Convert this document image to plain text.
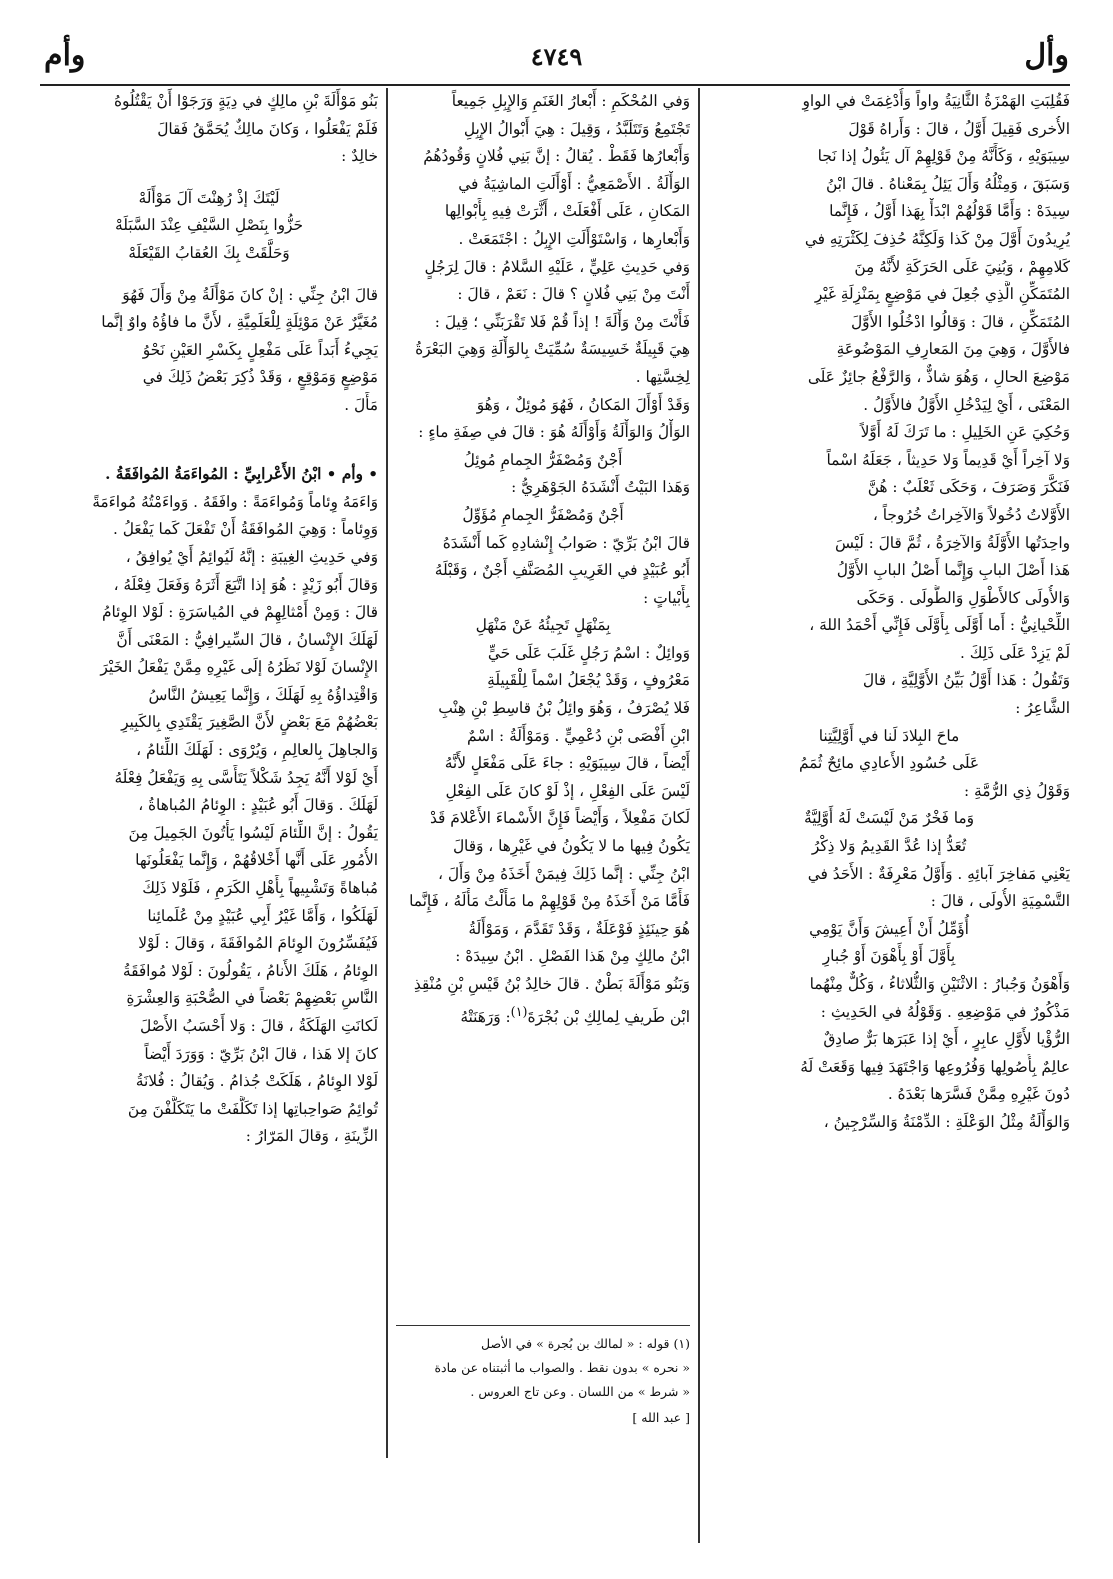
وأل
٤٧٤٩
وأم
فَقُلِبَتِ الهَمْزَةُ الثَّانِيَةُ واواً وَأُدْغِمَتْ في الواوِ
الأُخرى فَقِيلَ أَوَّلُ ، قالَ : وَأَراهُ قَوْلَ
سِيبَوَيْهِ ، وَكَأَنَّهُ مِنْ قَوْلِهِمْ آل يَئُولُ إذا نَجا
وَسَبَقَ ، وَمِثْلُهُ وَأَلَ يَئِلُ بِمَعْناهُ . قالَ ابْنُ
سِيدَهْ : وَأَمَّا قَوْلُهُمْ ابْدَأْ بِهَذا أَوَّلُ ، فَإِنَّما
يُرِيدُونَ أَوَّلَ مِنْ كَذا وَلَكِنَّهُ حُذِفَ لِكَثْرَتِهِ في
كَلامِهِمْ ، وَبُنِيَ عَلَى الحَرَكَةِ لأَنَّهُ مِنَ
المُتَمَكِّنِ الَّذِي جُعِلَ في مَوْضِعٍ بِمَنْزِلَةِ غَيْرِ
المُتَمَكِّنِ ، قالَ : وَقالُوا ادْخُلُوا الأَوَّلَ
فالأَوَّلَ ، وَهِيَ مِنَ المَعارِفِ المَوْضُوعَةِ
مَوْضِعَ الحالِ ، وَهُوَ شاذٌّ ، وَالرَّفْعُ جائِزٌ عَلَى
المَعْنَى ، أَيْ لِيَدْخُلِ الأَوَّلُ فالأَوَّلُ .
وَحُكِيَ عَنِ الخَلِيلِ : ما تَرَكَ لَهُ أَوَّلاً
وَلا آخِراً أَيْ قَدِيماً وَلا حَدِيثاً ، جَعَلَهُ اسْماً
فَنَكَّرَ وَصَرَفَ ، وَحَكَى ثَعْلَبٌ : هُنَّ
الأَوَّلاتُ دُخُولاً وَالآخِراتُ خُرُوجاً ،
واحِدَتُها الأَوَّلَةُ وَالآخِرَةُ ، ثُمَّ قالَ : لَيْسَ
هَذا أَصْلَ البابِ وَإِنَّما أَصْلُ البابِ الأَوَّلُ
وَالأُولَى كالأَطْوَلِ وَالطُّولَى . وَحَكَى
اللِّحْيانِيُّ : أَما أَوَّلَى بِأَوَّلَى فَإِنِّي أَحْمَدُ اللهَ ،
لَمْ يَزِدْ عَلَى ذَلِكَ .
وَتَقُولُ : هَذا أَوَّلُ بَيِّنُ الأَوَّلِيَّةِ ، قالَ
الشَّاعِرُ :
ماحَ البِلادَ لَنا في أَوَّلِيَّتِنا
عَلَى حُسُودِ الأَعادِي مائِحٌ ثُمَمُ
وَقَوْلُ ذِي الرُّمَّةِ :
وَما فَخْرٌ مَنْ لَيْسَتْ لَهُ أَوَّلِيَّةٌ
تُعَدُّ إذا عُدَّ القَدِيمُ وَلا ذِكْرُ
يَعْنِي مَفاخِرَ آبائِهِ . وَأَوَّلُ مَعْرِفَةٌ : الأَحَدُ في
التَّسْمِيَةِ الأُولَى ، قالَ :
أُؤَمِّلُ أَنْ أَعِيشَ وَأَنَّ يَوْمِي
بِأَوَّلَ أَوْ بِأَهْوَنَ أَوْ جُبارِ
وَأَهْوَنُ وَجُبارُ : الاثْنَيْنِ وَالثُّلاثاءُ ، وَكُلٌّ مِنْهُما
مَذْكُورٌ في مَوْضِعِهِ . وَقَوْلُهُ في الحَدِيثِ :
الرُّؤْيا لأَوَّلِ عابِرٍ ، أَيْ إذا عَبَرَها بَرٌّ صادِقٌ
عالِمٌ بِأُصُولِها وَفُرُوعِها وَاجْتَهَدَ فِيها وَقَعَتْ لَهُ
دُونَ غَيْرِهِ مِمَّنْ فَسَّرَها بَعْدَهُ .
وَالوَأْلَةُ مِثْلُ الوَعْلَةِ : الدِّمْنَةُ وَالسِّرْجِينُ ،
وَفي المُحْكَمِ : أَبْعارُ الغَنَمِ وَالإِبِلِ جَمِيعاً
تَجْتَمِعُ وَتَتَلَبَّدُ ، وَقِيلَ : هِيَ أَبْوالُ الإِبِلِ
وَأَبْعارُها فَقَطْ . يُقالُ : إنَّ بَنِي فُلانٍ وَقُودُهُمُ
الوَأْلَةُ . الأَصْمَعِيُّ : أَوْأَلَتِ الماشِيَةُ في
المَكانِ ، عَلَى أَفْعَلَتْ ، أَثَّرَتْ فِيهِ بِأَبْوالِها
وَأَبْعارِها ، وَاسْتَوْأَلَتِ الإِبِلُ : اجْتَمَعَتْ .
وَفي حَدِيثِ عَلِيٍّ ، عَلَيْهِ السَّلامُ : قالَ لِرَجُلٍ
أَنْتَ مِنْ بَنِي فُلانٍ ؟ قالَ : نَعَمْ ، قالَ :
فَأَنْتَ مِنْ وَأْلَةَ ! إذاً قُمْ فَلا تَقْرَبَنِّي ؛ قِيلَ :
هِيَ قَبِيلَةٌ خَسِيسَةٌ سُمِّيَتْ بِالوَأْلَةِ وَهِيَ البَعْرَةُ
لِخِسَّتِها .
وَقَدْ أَوْأَلَ المَكانُ ، فَهُوَ مُوئِلٌ ، وَهُوَ
الوَأْلُ وَالوَأْلَةُ وَأَوْأَلَهُ هُوَ : قالَ في صِفَةِ ماءٍ :
أَجْنٌ وَمُصْفَرُّ الجِمامِ مُوئِلُ
وَهَذا البَيْتُ أَنْشَدَهُ الجَوْهَرِيُّ :
أَجْنٌ وَمُصْفَرُّ الجِمامِ مُؤَوِّلُ
قالَ ابْنُ بَرِّيّ : صَوابُ إِنْشادِهِ كَما أَنْشَدَهُ
أَبُو عُبَيْدٍ في الغَرِيبِ المُصَنَّفِ أَجْنٌ ، وَقَبْلَهُ
بِأَبْياتٍ :
بِمَنْهَلٍ تَجِيئُهُ عَنْ مَنْهَلِ
وَوائِلٌ : اسْمُ رَجُلٍ غَلَبَ عَلَى حَيٍّ
مَعْرُوفٍ ، وَقَدْ يُجْعَلُ اسْماً لِلْقَبِيلَةِ
فَلا يُصْرَفُ ، وَهُوَ وائِلُ بْنُ قاسِطِ بْنِ هِنْبِ
ابْنِ أَفْصَى بْنِ دُعْمِيٍّ . وَمَوْأَلَةُ : اسْمٌ
أَيْضاً ، قالَ سِيبَوَيْهِ : جاءَ عَلَى مَفْعَلٍ لأَنَّهُ
لَيْسَ عَلَى الفِعْلِ ، إذْ لَوْ كانَ عَلَى الفِعْلِ
لَكانَ مَفْعِلاً ، وَأَيْضاً فَإِنَّ الأَسْماءَ الأَعْلامَ قَدْ
يَكُونُ فِيها ما لا يَكُونُ في غَيْرِها ، وَقالَ
ابْنُ جِنِّي : إنَّما ذَلِكَ فِيمَنْ أَخَذَهُ مِنْ وَأَلَ ،
فَأَمَّا مَنْ أَخَذَهُ مِنْ قَوْلِهِمْ ما مَأَلْتُ مَأْلَهُ ، فَإِنَّما
هُوَ حِينَئِذٍ فَوْعَلَةٌ ، وَقَدْ تَقَدَّمَ ، وَمَوْأَلَةُ
ابْنُ مالِكٍ مِنْ هَذا الفَصْلِ . ابْنُ سِيدَهْ :
وَبَنُو مَوْأَلَةَ بَطْنٌ . قالَ خالِدُ بْنُ قَيْسِ بْنِ مُنْقِذِ
ابْنِ طَرِيفٍ لِمالِكِ بْنِ بُجْرَةَ$^{(١)}$: وَرَهَنَتْهُ
(١) قوله : « لمالك بن بُجرة » في الأصل
« نحره » بدون نقط . والصواب ما أثبتناه عن مادة
« شرط » من اللسان . وعن تاج العروس .
[ عبد الله ]
بَنُو مَوْأَلَةَ بْنِ مالِكٍ في دِيَةٍ وَرَجَوْا أَنْ يَقْتُلُوهُ
فَلَمْ يَفْعَلُوا ، وَكانَ مالِكٌ يُحَمَّقُ فَقالَ
خالِدٌ :
لَيْتَكَ إذْ رُهِنْتَ آلَ مَوْأَلَهْ
حَزُّوا بِنَصْلِ السَّيْفِ عِنْدَ السَّبَلَهْ
وَحَلَّقَتْ بِكَ العُقابُ القَيْعَلَهْ
قالَ ابْنُ جِنِّي : إنْ كانَ مَوْأَلَةُ مِنْ وَأَلَ فَهُوَ
مُغَيَّرٌ عَنْ مَوْئِلَةٍ لِلْعَلَمِيَّةِ ، لأَنَّ ما فاؤُهُ واوٌ إنَّما
يَجِيءُ أَبَداً عَلَى مَفْعِلٍ بِكَسْرِ العَيْنِ نَحْوُ
مَوْضِعٍ وَمَوْقِعٍ ، وَقَدْ ذُكِرَ بَعْضُ ذَلِكَ في
مَأَلَ .
• وأم • ابْنُ الأَعْرابِيِّ : المُواءَمَةُ المُوافَقَةُ .
وَاءَمَهُ وِئاماً وَمُواءَمَةً : وافَقَهُ . وَواءَمْتُهُ مُواءَمَةً
وَوِئاماً : وَهِيَ المُوافَقَةُ أَنْ تَفْعَلَ كَما يَفْعَلُ .
وَفي حَدِيثِ الغِيبَةِ : إنَّهُ لَيُوائِمُ أَيْ يُوافِقُ ،
وَقالَ أَبُو زَيْدٍ : هُوَ إذا اتَّبَعَ أَثَرَهُ وَفَعَلَ فِعْلَهُ ،
قالَ : وَمِنْ أَمْثالِهِمْ في المُياسَرَةِ : لَوْلا الوِئامُ
لَهَلَكَ الإِنْسانُ ، قالَ السِّيرافِيُّ : المَعْنَى أَنَّ
الإِنْسانَ لَوْلا نَظَرُهُ إلَى غَيْرِهِ مِمَّنْ يَفْعَلُ الخَيْرَ
وَاقْتِداؤُهُ بِهِ لَهَلَكَ ، وَإِنَّما يَعِيشُ النَّاسُ
بَعْضُهُمْ مَعَ بَعْضٍ لأَنَّ الصَّغِيرَ يَقْتَدِي بِالكَبِيرِ
وَالجاهِلَ بِالعالِمِ ، وَيُرْوَى : لَهَلَكَ اللِّئامُ ،
أَيْ لَوْلا أَنَّهُ يَجِدُ شَكْلاً يَتَأَسَّى بِهِ وَيَفْعَلُ فِعْلَهُ
لَهَلَكَ . وَقالَ أَبُو عُبَيْدٍ : الوِئامُ المُباهاةُ ،
يَقُولُ : إنَّ اللِّئامَ لَيْسُوا يَأْتُونَ الجَمِيلَ مِنَ
الأُمُورِ عَلَى أَنَّها أَخْلاقُهُمْ ، وَإِنَّما يَفْعَلُونَها
مُباهاةً وَتَشْبِيهاً بِأَهْلِ الكَرَمِ ، فَلَوْلا ذَلِكَ
لَهَلَكُوا ، وَأَمَّا غَيْرُ أَبِي عُبَيْدٍ مِنْ عُلَمائِنا
فَيُفَسِّرُونَ الوِئامَ المُوافَقَةَ ، وَقالَ : لَوْلا
الوِئامُ ، هَلَكَ الأَنامُ ، يَقُولُونَ : لَوْلا مُوافَقَةُ
النَّاسِ بَعْضِهِمْ بَعْضاً في الصُّحْبَةِ وَالعِشْرَةِ
لَكانَتِ الهَلَكَةُ ، قالَ : وَلا أَحْسَبُ الأَصْلَ
كانَ إلا هَذا ، قالَ ابْنُ بَرِّيّ : وَوَرَدَ أَيْضاً
لَوْلا الوِئامُ ، هَلَكَتْ جُذامُ . وَيُقالُ : فُلانَةُ
تُوائِمُ صَواحِباتِها إذا تَكَلَّفَتْ ما يَتَكَلَّفْنَ مِنَ
الزِّينَةِ ، وَقالَ المَرّارُ :
